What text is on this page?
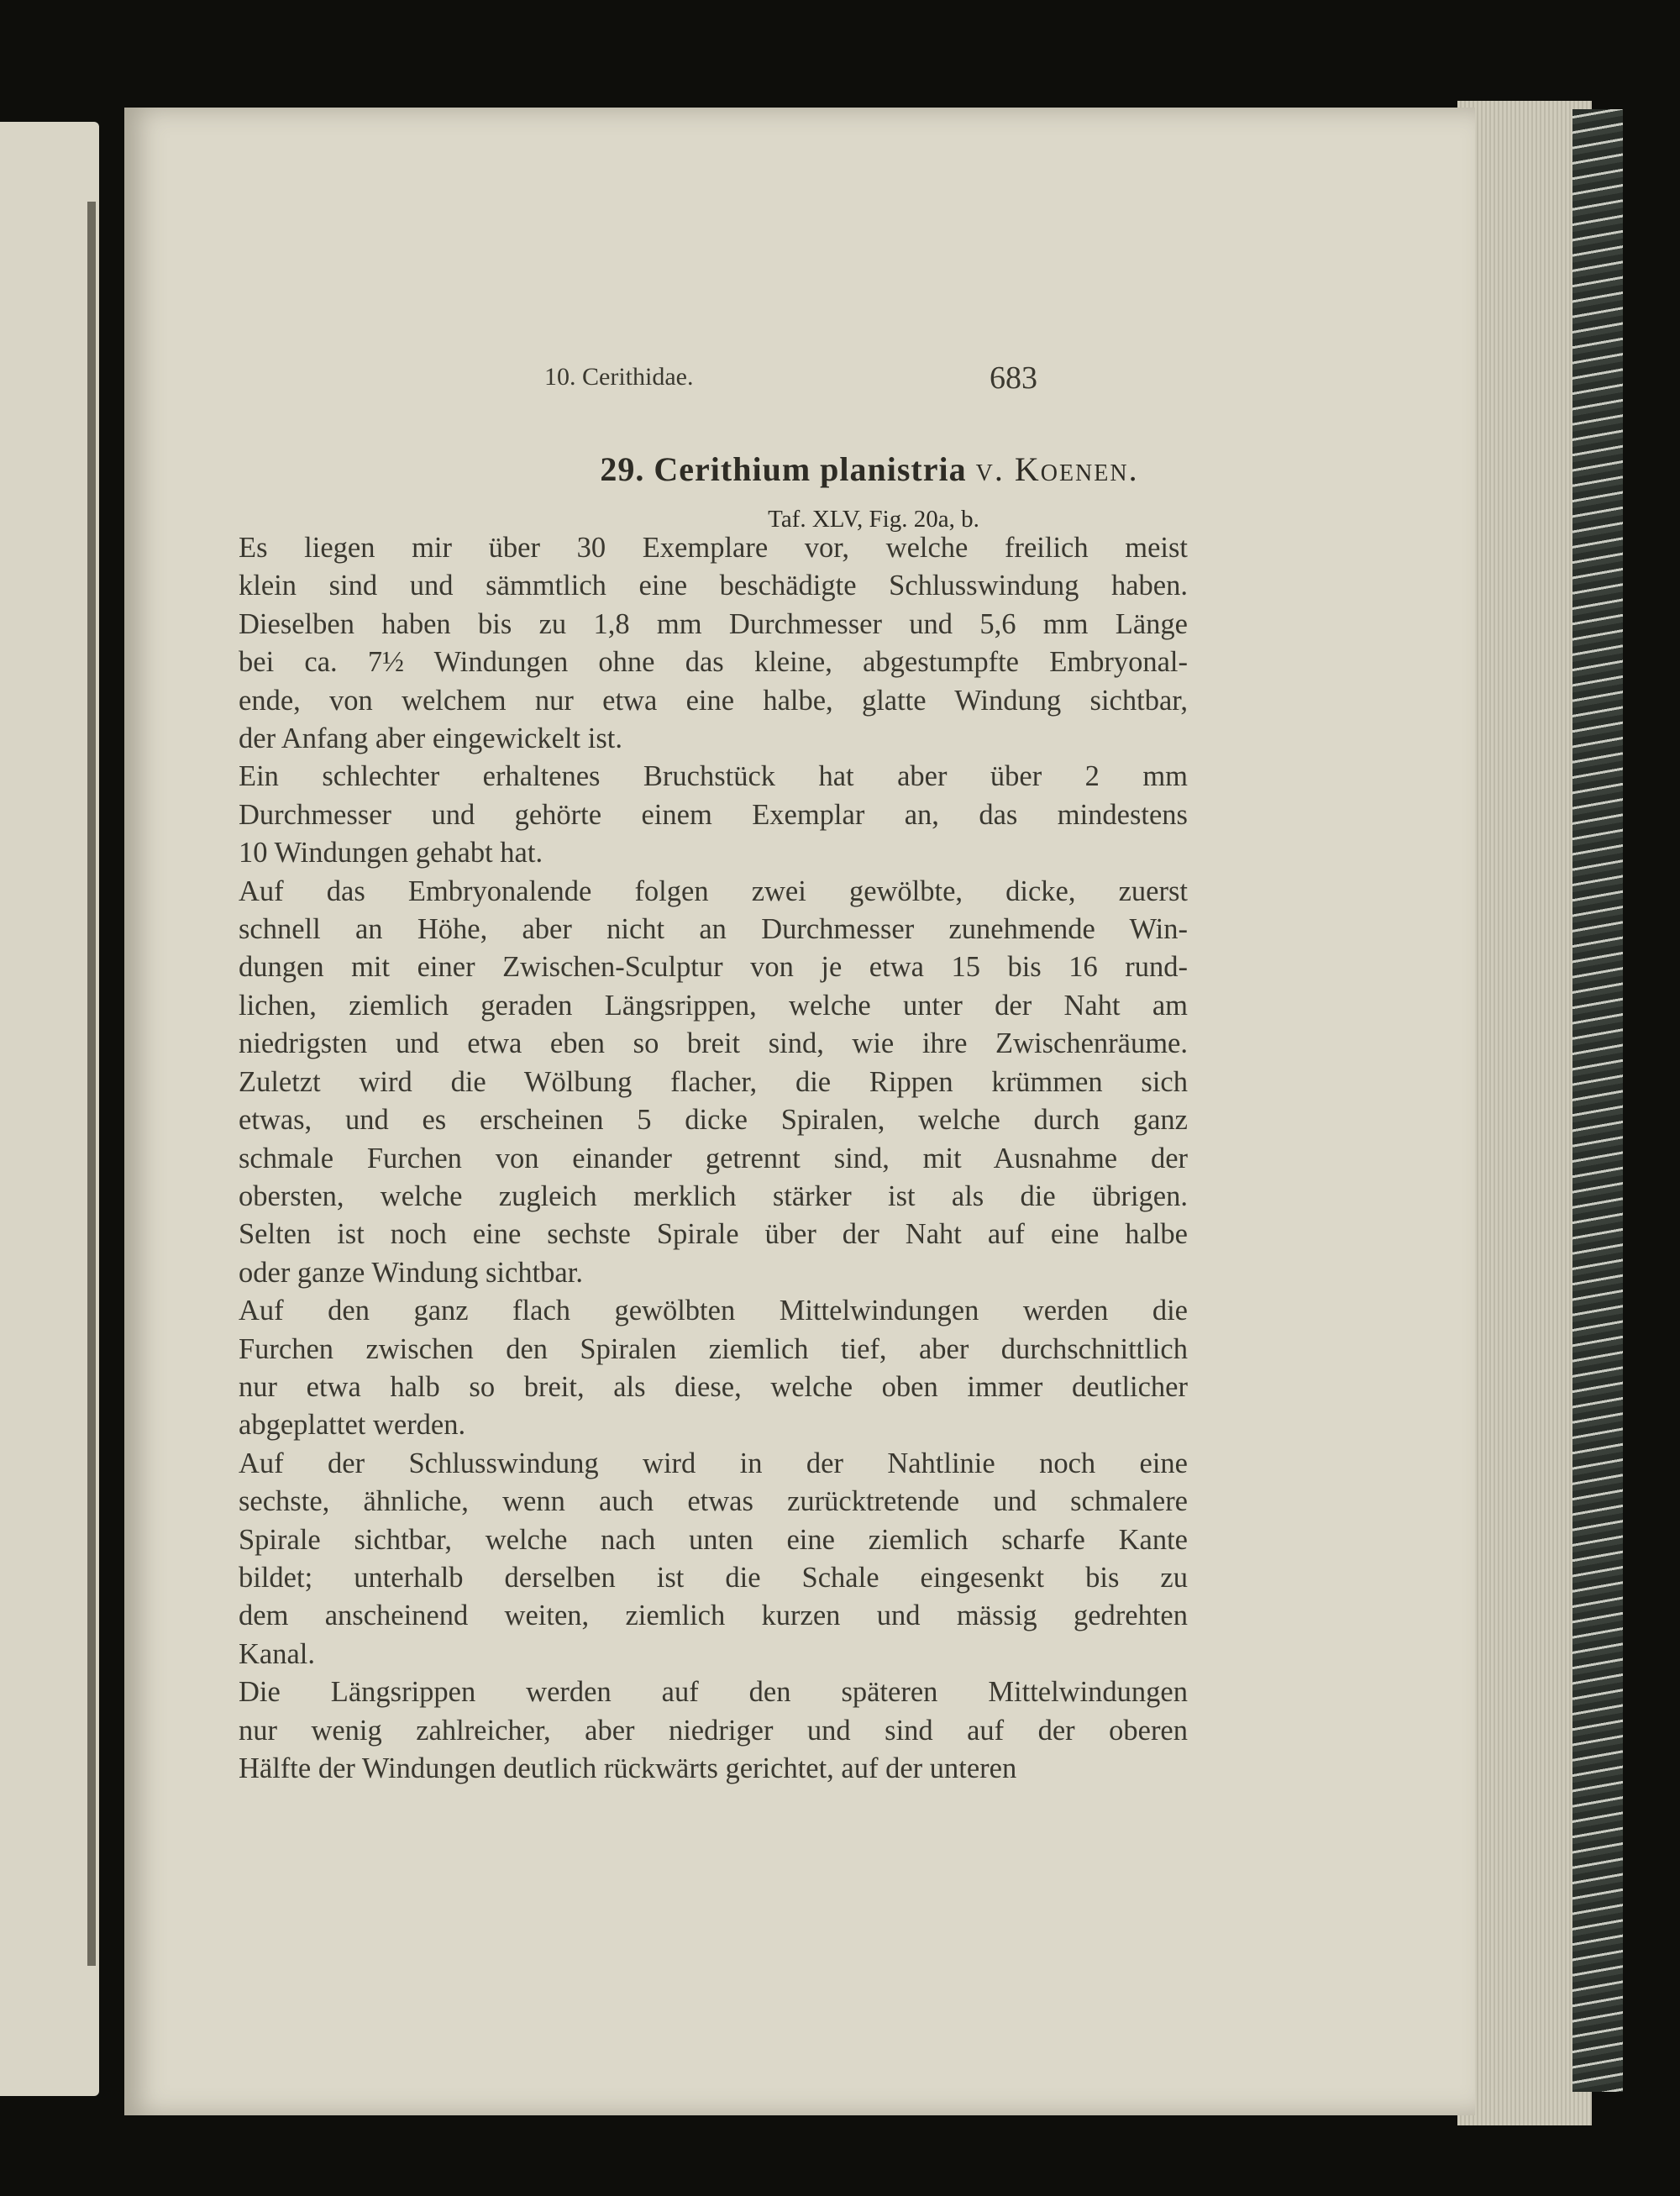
10. Cerithidae.	683
29. Cerithium planistria v. Koenen.
Taf. XLV, Fig. 20a, b.

Es liegen mir über 30 Exemplare vor, welche freilich meist
klein sind und sämmtlich eine beschädigte Schlusswindung haben.
Dieselben haben bis zu 1,8 mm Durchmesser und 5,6 mm Länge
bei ca. 7½ Windungen ohne das kleine, abgestumpfte Embryonal-
ende, von welchem nur etwa eine halbe, glatte Windung sichtbar,
der Anfang aber eingewickelt ist.

Ein schlechter erhaltenes Bruchstück hat aber über 2 mm
Durchmesser und gehörte einem Exemplar an, das mindestens
10 Windungen gehabt hat.

Auf das Embryonalende folgen zwei gewölbte, dicke, zuerst
schnell an Höhe, aber nicht an Durchmesser zunehmende Win-
dungen mit einer Zwischen-Sculptur von je etwa 15 bis 16 rund-
lichen, ziemlich geraden Längsrippen, welche unter der Naht am
niedrigsten und etwa eben so breit sind, wie ihre Zwischenräume.
Zuletzt wird die Wölbung flacher, die Rippen krümmen sich
etwas, und es erscheinen 5 dicke Spiralen, welche durch ganz
schmale Furchen von einander getrennt sind, mit Ausnahme der
obersten, welche zugleich merklich stärker ist als die übrigen.
Selten ist noch eine sechste Spirale über der Naht auf eine halbe
oder ganze Windung sichtbar.

Auf den ganz flach gewölbten Mittelwindungen werden die
Furchen zwischen den Spiralen ziemlich tief, aber durchschnittlich
nur etwa halb so breit, als diese, welche oben immer deutlicher
abgeplattet werden.

Auf der Schlusswindung wird in der Nahtlinie noch eine
sechste, ähnliche, wenn auch etwas zurücktretende und schmalere
Spirale sichtbar, welche nach unten eine ziemlich scharfe Kante
bildet; unterhalb derselben ist die Schale eingesenkt bis zu
dem anscheinend weiten, ziemlich kurzen und mässig gedrehten
Kanal.

Die Längsrippen werden auf den späteren Mittelwindungen
nur wenig zahlreicher, aber niedriger und sind auf der oberen
Hälfte der Windungen deutlich rückwärts gerichtet, auf der unteren
